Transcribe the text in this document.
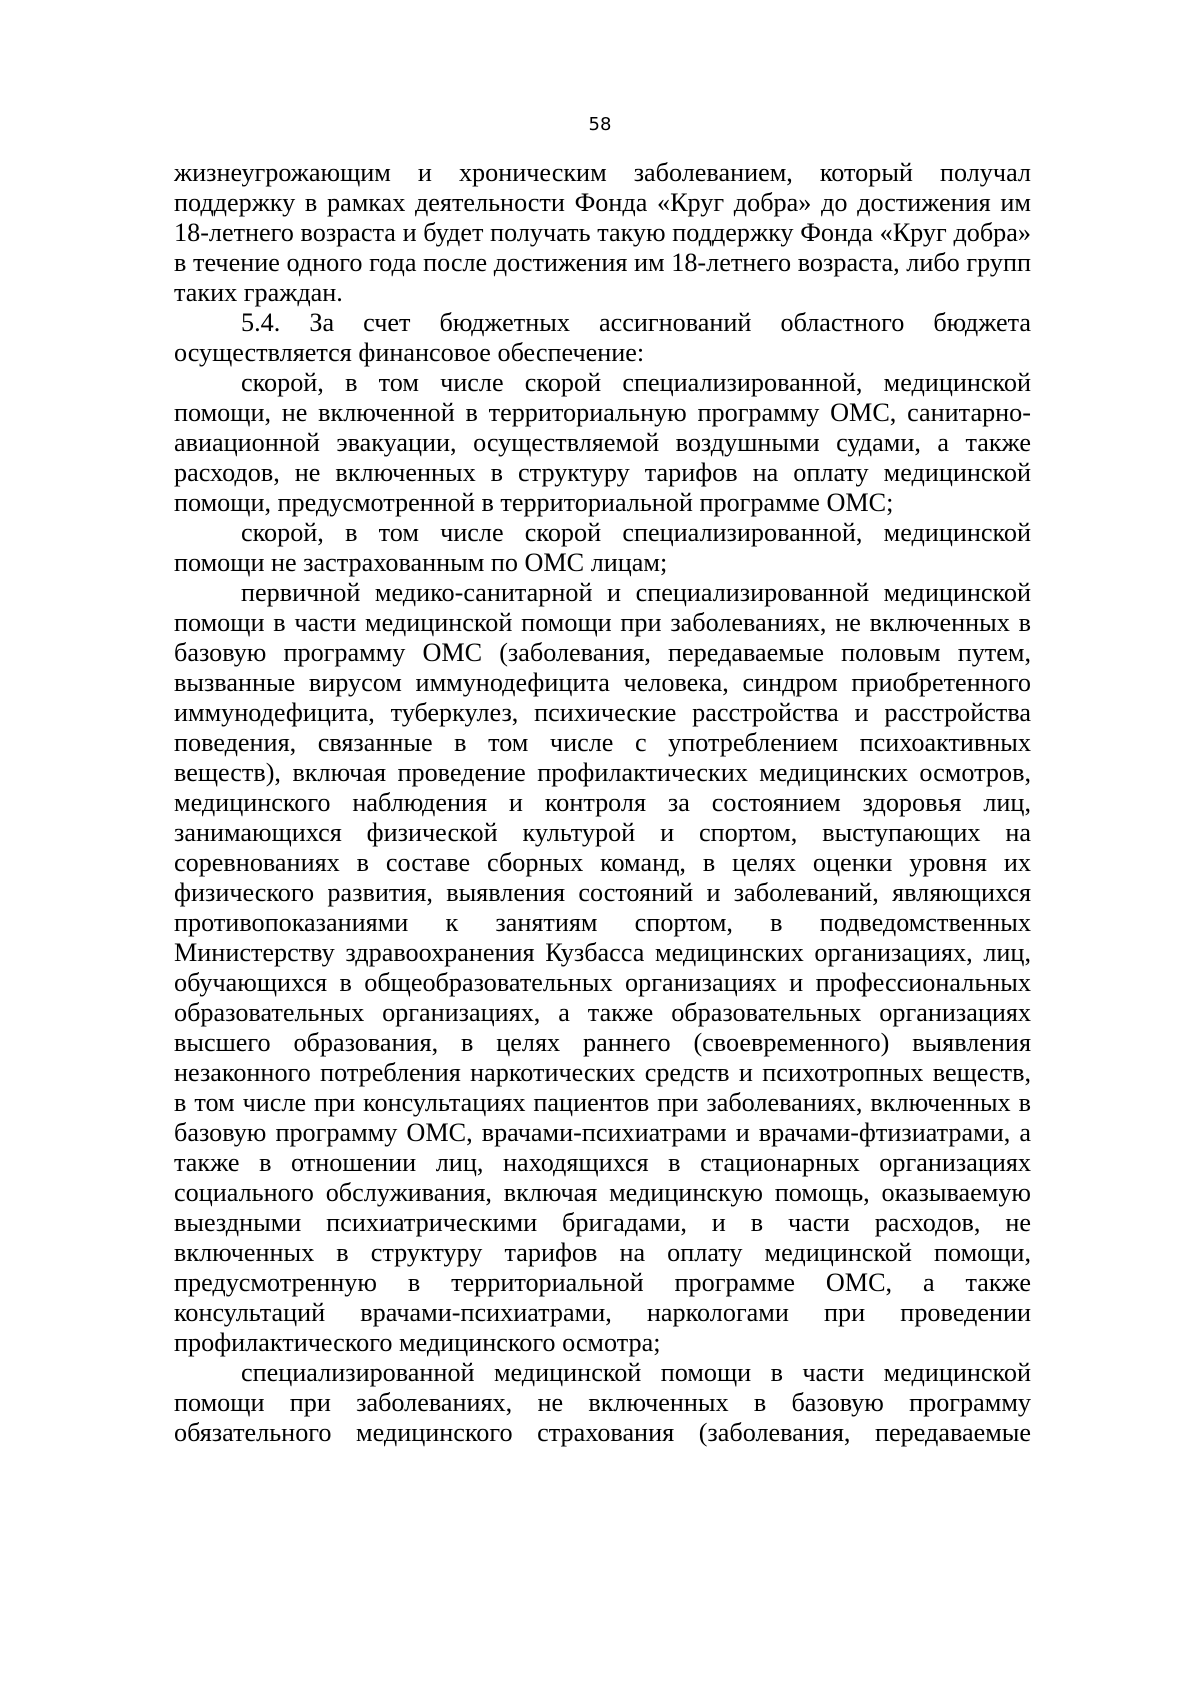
58

жизнеугрожающим и хроническим заболеванием, который получал поддержку в рамках деятельности Фонда «Круг добра» до достижения им 18-летнего возраста и будет получать такую поддержку Фонда «Круг добра» в течение одного года после достижения им 18-летнего возраста, либо групп таких граждан.

5.4. За счет бюджетных ассигнований областного бюджета осуществляется финансовое обеспечение:

скорой, в том числе скорой специализированной, медицинской помощи, не включенной в территориальную программу ОМС, санитарно-авиационной эвакуации, осуществляемой воздушными судами, а также расходов, не включенных в структуру тарифов на оплату медицинской помощи, предусмотренной в территориальной программе ОМС;

скорой, в том числе скорой специализированной, медицинской помощи не застрахованным по ОМС лицам;

первичной медико-санитарной и специализированной медицинской помощи в части медицинской помощи при заболеваниях, не включенных в базовую программу ОМС (заболевания, передаваемые половым путем, вызванные вирусом иммунодефицита человека, синдром приобретенного иммунодефицита, туберкулез, психические расстройства и расстройства поведения, связанные в том числе с употреблением психоактивных веществ), включая проведение профилактических медицинских осмотров, медицинского наблюдения и контроля за состоянием здоровья лиц, занимающихся физической культурой и спортом, выступающих на соревнованиях в составе сборных команд, в целях оценки уровня их физического развития, выявления состояний и заболеваний, являющихся противопоказаниями к занятиям спортом, в подведомственных Министерству здравоохранения Кузбасса медицинских организациях, лиц, обучающихся в общеобразовательных организациях и профессиональных образовательных организациях, а также образовательных организациях высшего образования, в целях раннего (своевременного) выявления незаконного потребления наркотических средств и психотропных веществ, в том числе при консультациях пациентов при заболеваниях, включенных в базовую программу ОМС, врачами-психиатрами и врачами-фтизиатрами, а также в отношении лиц, находящихся в стационарных организациях социального обслуживания, включая медицинскую помощь, оказываемую выездными психиатрическими бригадами, и в части расходов, не включенных в структуру тарифов на оплату медицинской помощи, предусмотренную в территориальной программе ОМС, а также консультаций врачами-психиатрами, наркологами при проведении профилактического медицинского осмотра;

специализированной медицинской помощи в части медицинской помощи при заболеваниях, не включенных в базовую программу обязательного медицинского страхования (заболевания, передаваемые
